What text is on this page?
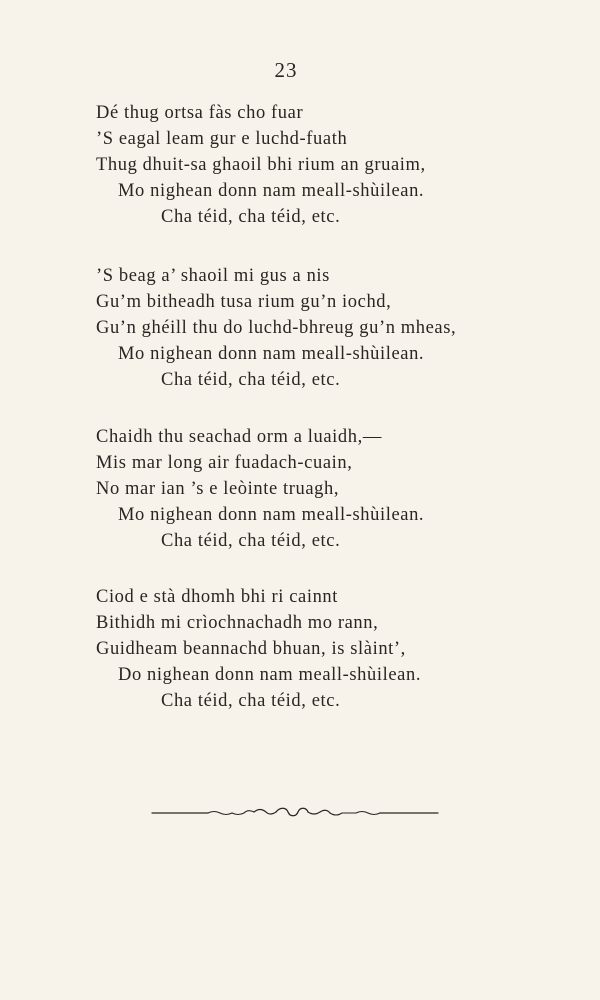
23
Dé thug ortsa fàs cho fuar
’S eagal leam gur e luchd-fuath
Thug dhuit-sa ghaoil bhi rium an gruaim,
Mo nighean donn nam meall-shùilean.
Cha téid, cha téid, etc.
’S beag a’ shaoil mi gus a nis
Gu’m bitheadh tusa rium gu’n iochd,
Gu’n ghéill thu do luchd-bhreug gu’n mheas,
Mo nighean donn nam meall-shùilean.
Cha téid, cha téid, etc.
Chaidh thu seachad orm a luaidh,—
Mis mar long air fuadach-cuain,
No mar ian ’s e leòinte truagh,
Mo nighean donn nam meall-shùilean.
Cha téid, cha téid, etc.
Ciod e stà dhomh bhi ri cainnt
Bithidh mi crìochnachadh mo rann,
Guidheam beannachd bhuan, is slàint’,
Do nighean donn nam meall-shùilean.
Cha téid, cha téid, etc.
